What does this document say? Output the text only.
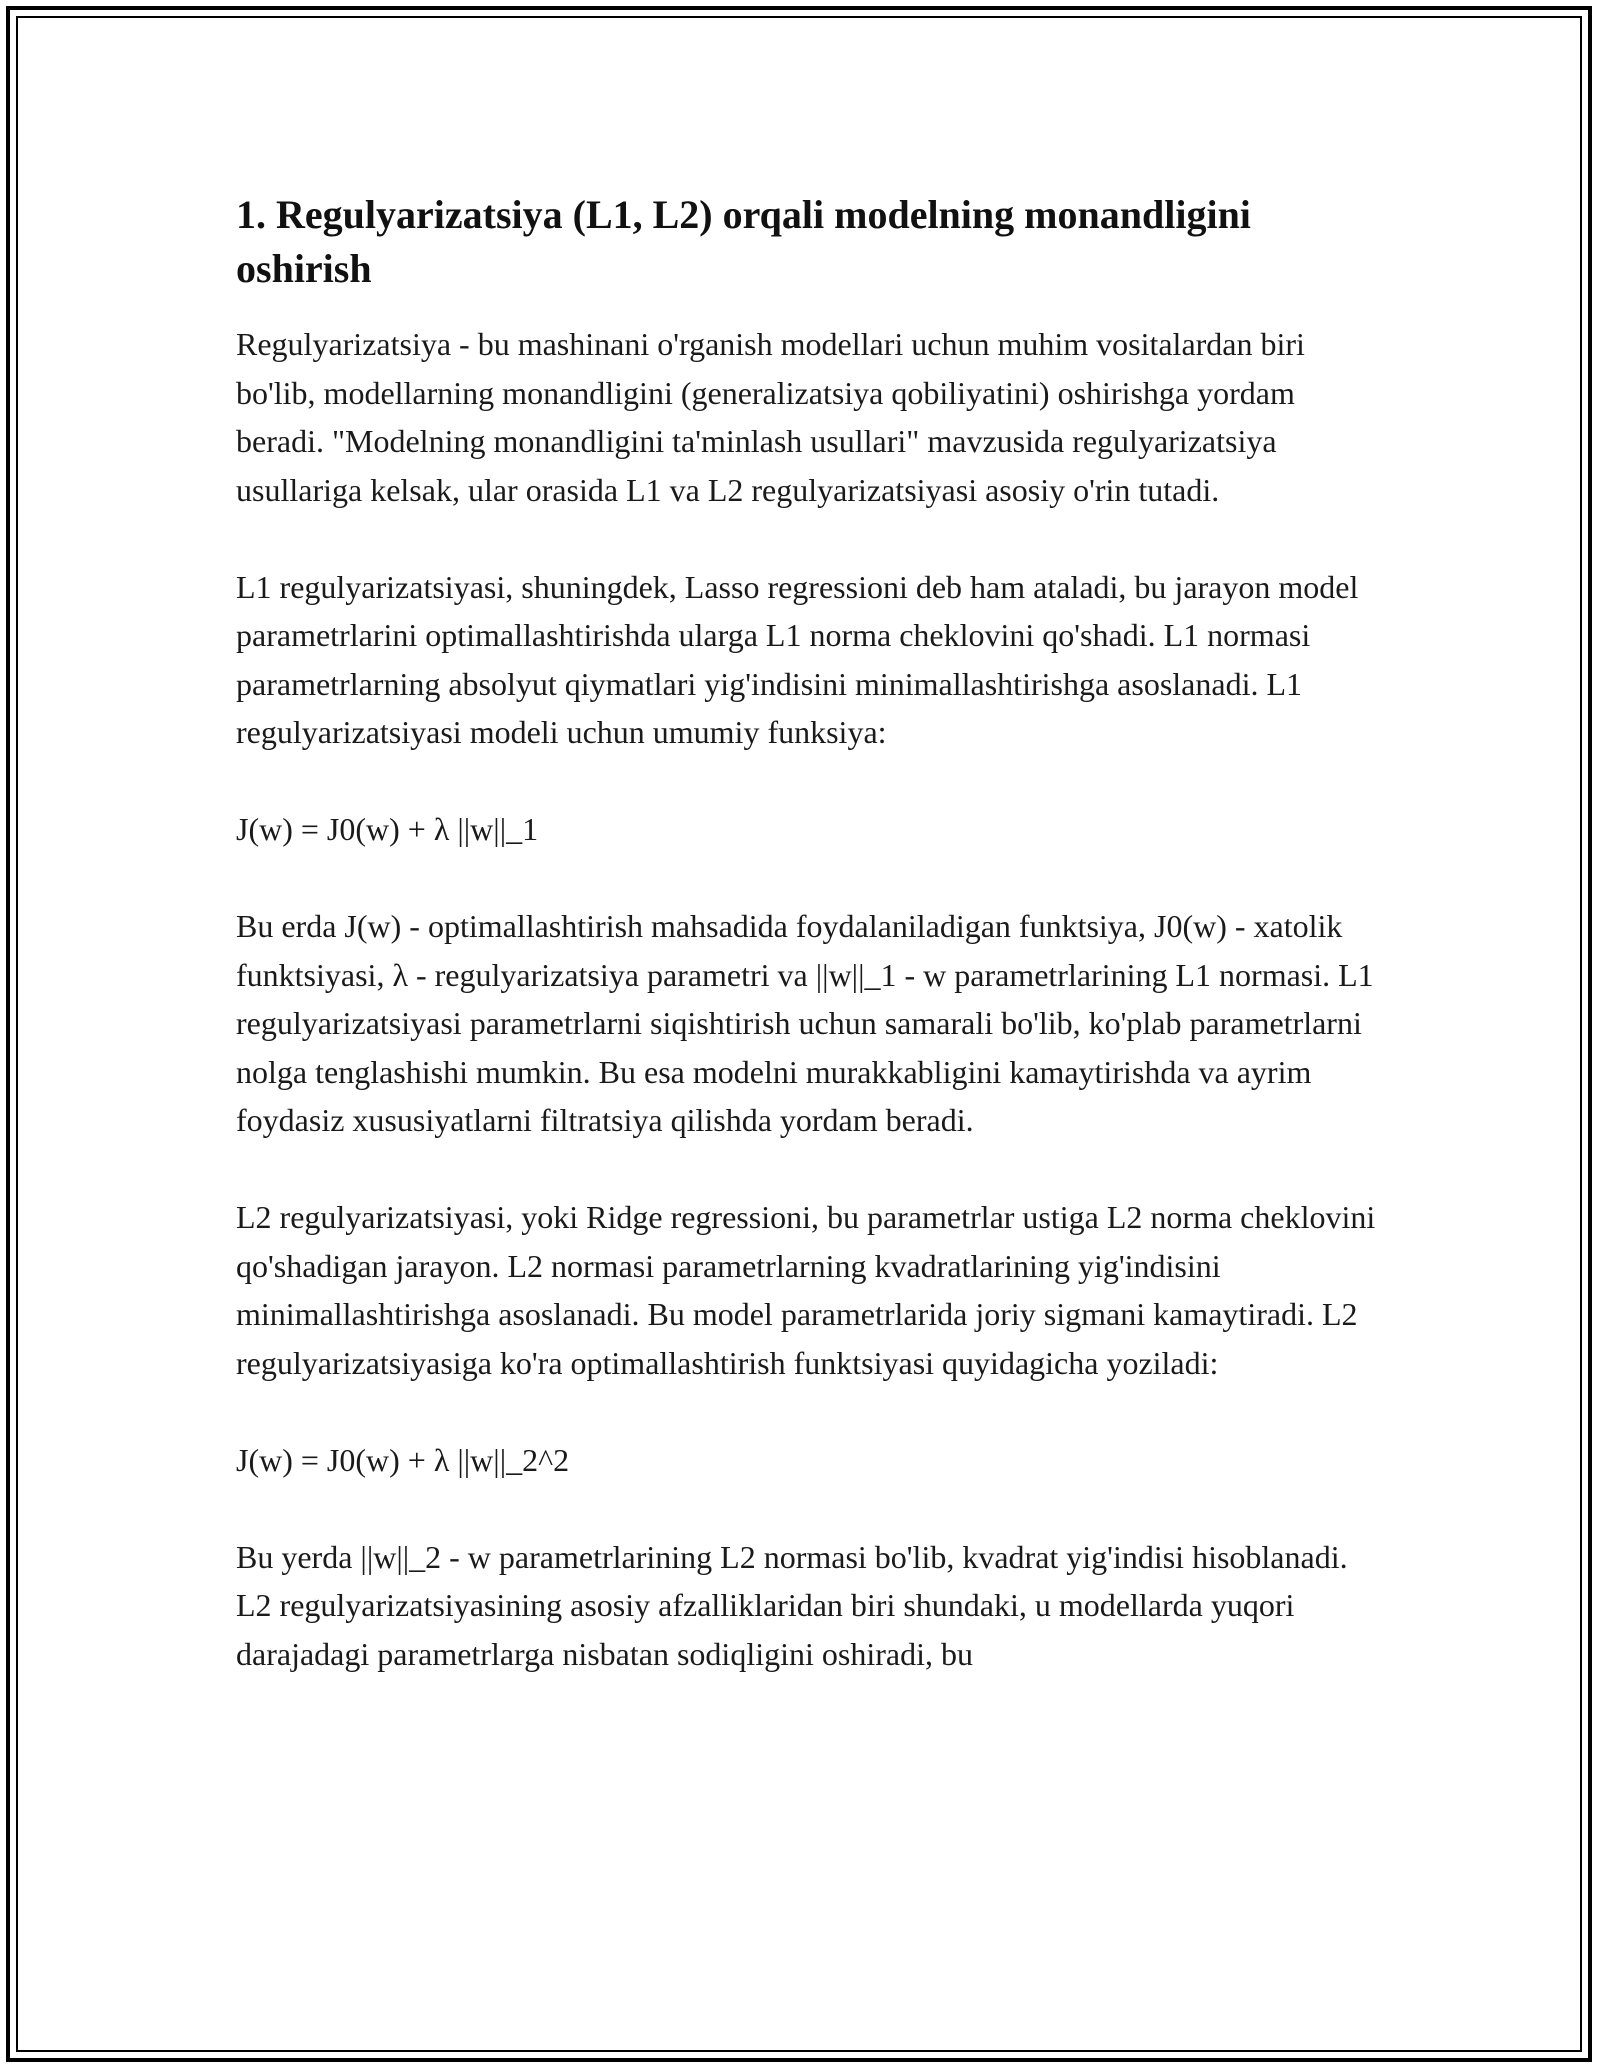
1. Regulyarizatsiya (L1, L2) orqali modelning monandligini oshirish

Regulyarizatsiya - bu mashinani o'rganish modellari uchun muhim vositalardan biri bo'lib, modellarning monandligini (generalizatsiya qobiliyatini) oshirishga yordam beradi. "Modelning monandligini ta'minlash usullari" mavzusida regulyarizatsiya usullariga kelsak, ular orasida L1 va L2 regulyarizatsiyasi asosiy o'rin tutadi.

L1 regulyarizatsiyasi, shuningdek, Lasso regressioni deb ham ataladi, bu jarayon model parametrlarini optimallashtirishda ularga L1 norma cheklovini qo'shadi. L1 normasi parametrlarning absolyut qiymatlari yig'indisini minimallashtirishga asoslanadi. L1 regulyarizatsiyasi modeli uchun umumiy funksiya:

J(w) = J0(w) + λ ||w||_1

Bu erda J(w) - optimallashtirish mahsadida foydalaniladigan funktsiya, J0(w) - xatolik funktsiyasi, λ - regulyarizatsiya parametri va ||w||_1 - w parametrlarining L1 normasi. L1 regulyarizatsiyasi parametrlarni siqishtirish uchun samarali bo'lib, ko'plab parametrlarni nolga tenglashishi mumkin. Bu esa modelni murakkabligini kamaytirishda va ayrim foydasiz xususiyatlarni filtratsiya qilishda yordam beradi.

L2 regulyarizatsiyasi, yoki Ridge regressioni, bu parametrlar ustiga L2 norma cheklovini qo'shadigan jarayon. L2 normasi parametrlarning kvadratlarining yig'indisini minimallashtirishga asoslanadi. Bu model parametrlarida joriy sigmani kamaytiradi. L2 regulyarizatsiyasiga ko'ra optimallashtirish funktsiyasi quyidagicha yoziladi:

J(w) = J0(w) + λ ||w||_2^2

Bu yerda ||w||_2 - w parametrlarining L2 normasi bo'lib, kvadrat yig'indisi hisoblanadi. L2 regulyarizatsiyasining asosiy afzalliklaridan biri shundaki, u modellarda yuqori darajadagi parametrlarga nisbatan sodiqligini oshiradi, bu
